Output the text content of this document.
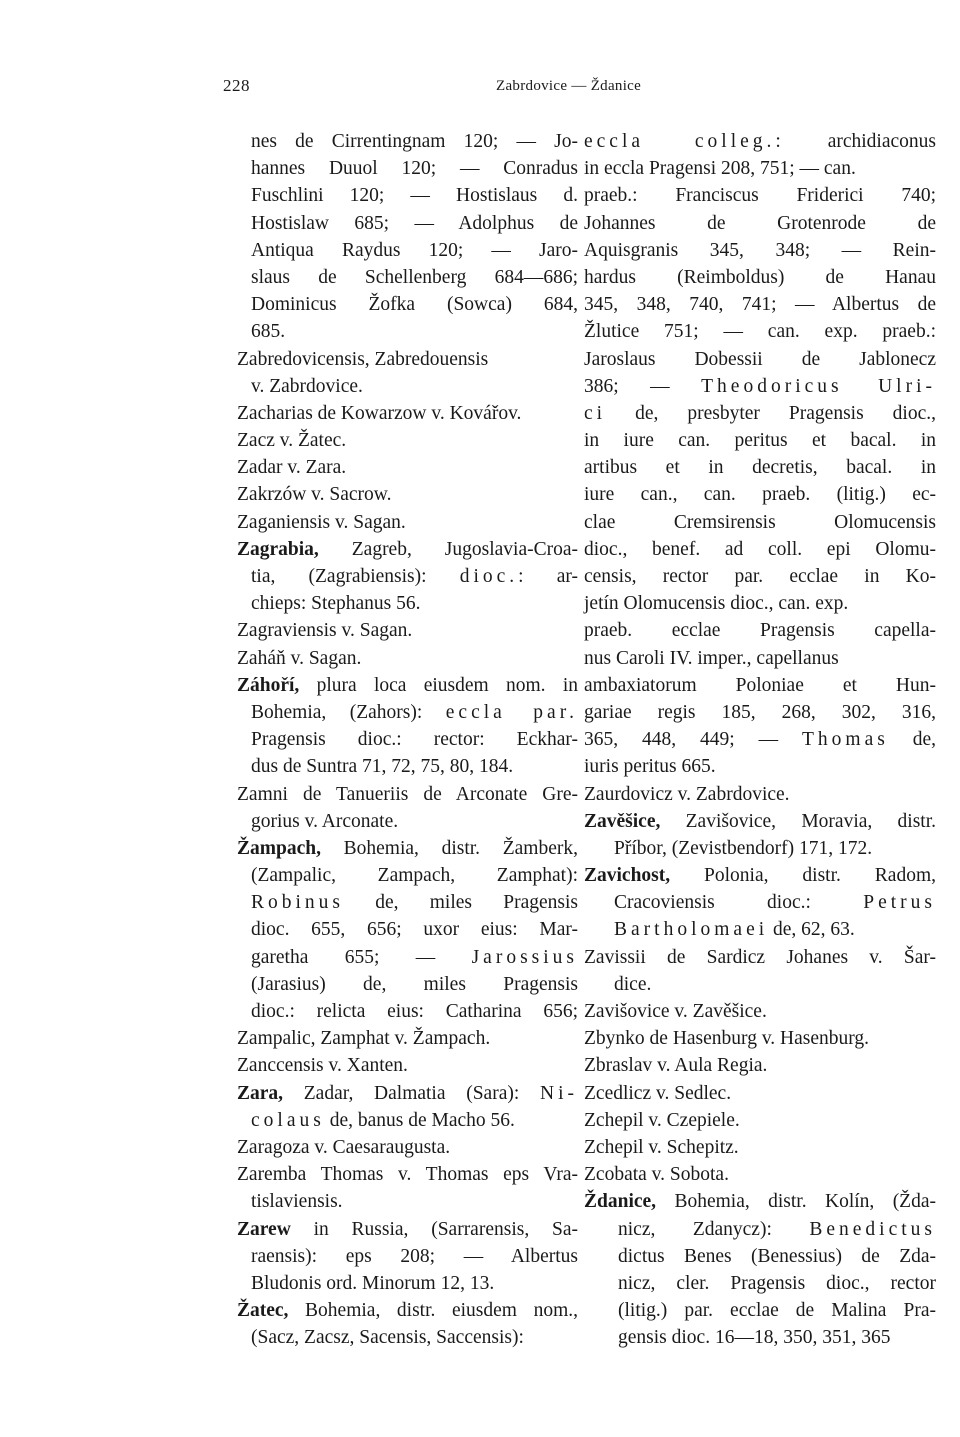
228	Zabrdovice — Ždanice
nes de Cirrentingnam 120; — Jo-
hannes Duuol 120; — Conradus
Fuschlini 120; — Hostislaus d.
Hostislaw 685; — Adolphus de
Antiqua Raydus 120; — Jaro-
slaus de Schellenberg 684—686;
Dominicus Žofka (Sowca) 684,
685.
Zabredovicensis, Zabredouensis
v. Zabrdovice.
Zacharias de Kowarzow v. Kovářov.
Zacz v. Žatec.
Zadar v. Zara.
Zakrzów v. Sacrow.
Zaganiensis v. Sagan.
Zagrabia, Zagreb, Jugoslavia-Croa-
tia, (Zagrabiensis): dioc.: ar-
chieps: Stephanus 56.
Zagraviensis v. Sagan.
Zaháň v. Sagan.
Záhoří, plura loca eiusdem nom. in
Bohemia, (Zahors): eccla par.
Pragensis dioc.: rector: Eckhar-
dus de Suntra 71, 72, 75, 80, 184.
Zamni de Tanueriis de Arconate Gre-
gorius v. Arconate.
Žampach, Bohemia, distr. Žamberk,
(Zampalic, Zampach, Zamphat):
Robinus de, miles Pragensis
dioc. 655, 656; uxor eius: Mar-
garetha 655; — Jarossius
(Jarasius) de, miles Pragensis
dioc.: relicta eius: Catharina 656;
Zampalic, Zamphat v. Žampach.
Zanccensis v. Xanten.
Zara, Zadar, Dalmatia (Sara): Ni-
colaus de, banus de Macho 56.
Zaragoza v. Caesaraugusta.
Zaremba Thomas v. Thomas eps Vra-
tislaviensis.
Zarew in Russia, (Sarrarensis, Sa-
raensis): eps 208; — Albertus
Bludonis ord. Minorum 12, 13.
Žatec, Bohemia, distr. eiusdem nom.,
(Sacz, Zacsz, Sacensis, Saccensis):
eccla colleg.: archidiaconus
in eccla Pragensi 208, 751; — can.
praeb.: Franciscus Friderici 740;
Johannes de Grotenrode de
Aquisgranis 345, 348; — Rein-
hardus (Reimboldus) de Hanau
345, 348, 740, 741; — Albertus de
Žlutice 751; — can. exp. praeb.:
Jaroslaus Dobessii de Jablonecz
386; — Theodoricus Ulri-
ci de, presbyter Pragensis dioc.,
in iure can. peritus et bacal. in
artibus et in decretis, bacal. in
iure can., can. praeb. (litig.) ec-
clae Cremsirensis Olomucensis
dioc., benef. ad coll. epi Olomu-
censis, rector par. ecclae in Ko-
jetín Olomucensis dioc., can. exp.
praeb. ecclae Pragensis capella-
nus Caroli IV. imper., capellanus
ambaxiatorum Poloniae et Hun-
gariae regis 185, 268, 302, 316,
365, 448, 449; — Thomas de,
iuris peritus 665.
Zaurdovicz v. Zabrdovice.
Zavěšice, Zavišovice, Moravia, distr.
Příbor, (Zevistbendorf) 171, 172.
Zavichost, Polonia, distr. Radom,
Cracoviensis dioc.: Petrus
Bartholomaei de, 62, 63.
Zavissii de Sardicz Johanes v. Šar-
dice.
Zavišovice v. Zavěšice.
Zbynko de Hasenburg v. Hasenburg.
Zbraslav v. Aula Regia.
Zcedlicz v. Sedlec.
Zchepil v. Czepiele.
Zchepil v. Schepitz.
Zcobata v. Sobota.
Ždanice, Bohemia, distr. Kolín, (Žda-
nicz, Zdanycz): Benedictus
dictus Benes (Benessius) de Zda-
nicz, cler. Pragensis dioc., rector
(litig.) par. ecclae de Malina Pra-
gensis dioc. 16—18, 350, 351, 365
